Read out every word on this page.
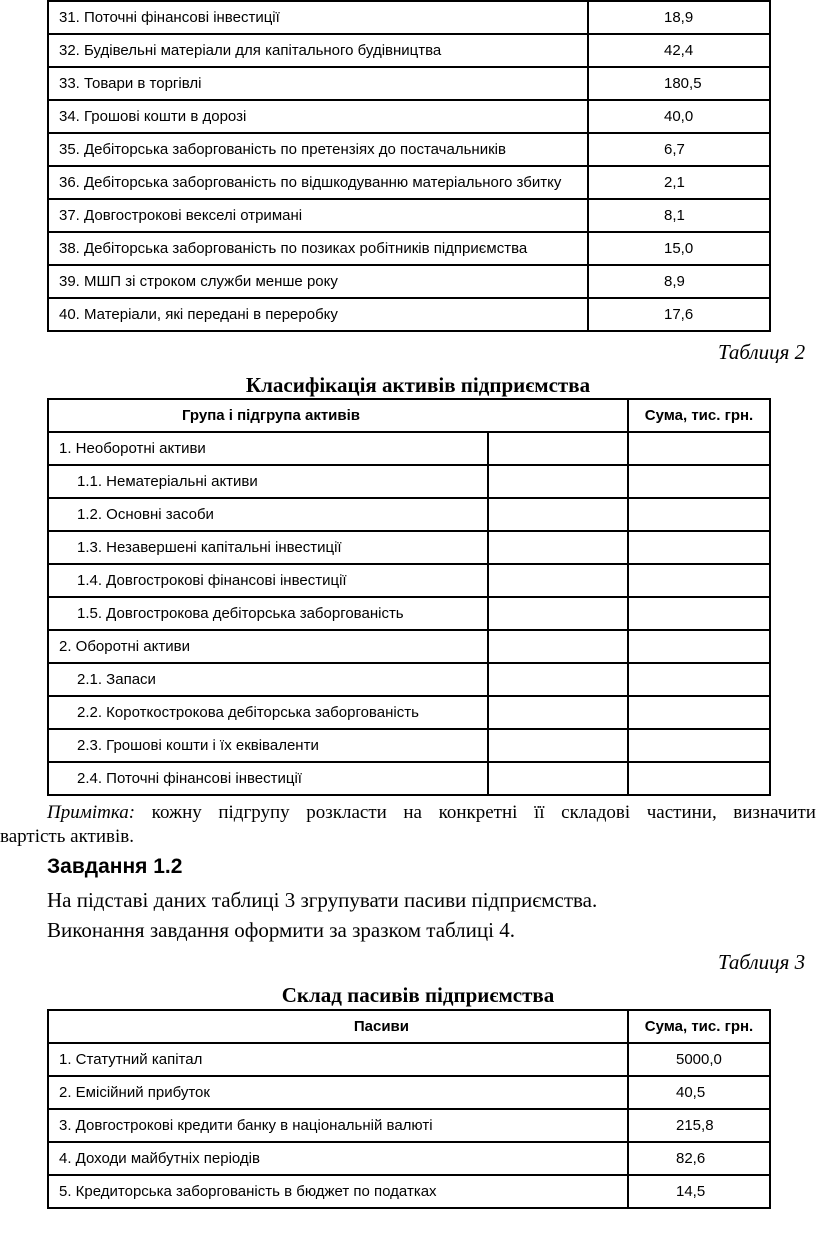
31. Поточні фінансові інвестиції	18,9
32. Будівельні матеріали для капітального будівництва	42,4
33. Товари в торгівлі	180,5
34. Грошові кошти в дорозі	40,0
35. Дебіторська заборгованість по претензіях до постачальників	6,7
36. Дебіторська заборгованість по відшкодуванню матеріального збитку	2,1
37. Довгострокові векселі отримані	8,1
38. Дебіторська заборгованість по позиках робітників підприємства	15,0
39. МШП зі строком служби менше року	8,9
40. Матеріали, які передані в переробку	17,6
Таблиця 2
Класифікація активів підприємства
Група і підгрупа активів		Сума, тис. грн.
1. Необоротні активи		
1.1. Нематеріальні активи		
1.2. Основні засоби		
1.3. Незавершені капітальні інвестиції		
1.4. Довгострокові фінансові інвестиції		
1.5. Довгострокова дебіторська заборгованість		
2. Оборотні активи		
2.1. Запаси		
2.2. Короткострокова дебіторська заборгованість		
2.3. Грошові кошти і їх еквіваленти		
2.4. Поточні фінансові інвестиції		
Примітка: кожну підгрупу розкласти на конкретні її складові частини, визначити
вартість активів.
Завдання 1.2
На підставі даних таблиці 3 згрупувати пасиви підприємства.
Виконання завдання оформити за зразком таблиці 4.
Таблиця 3
Склад пасивів підприємства
Пасиви	Сума, тис. грн.
1. Статутний капітал	5000,0
2. Емісійний прибуток	40,5
3. Довгострокові кредити банку в національній валюті	215,8
4. Доходи майбутніх періодів	82,6
5. Кредиторська заборгованість в бюджет по податках	14,5
